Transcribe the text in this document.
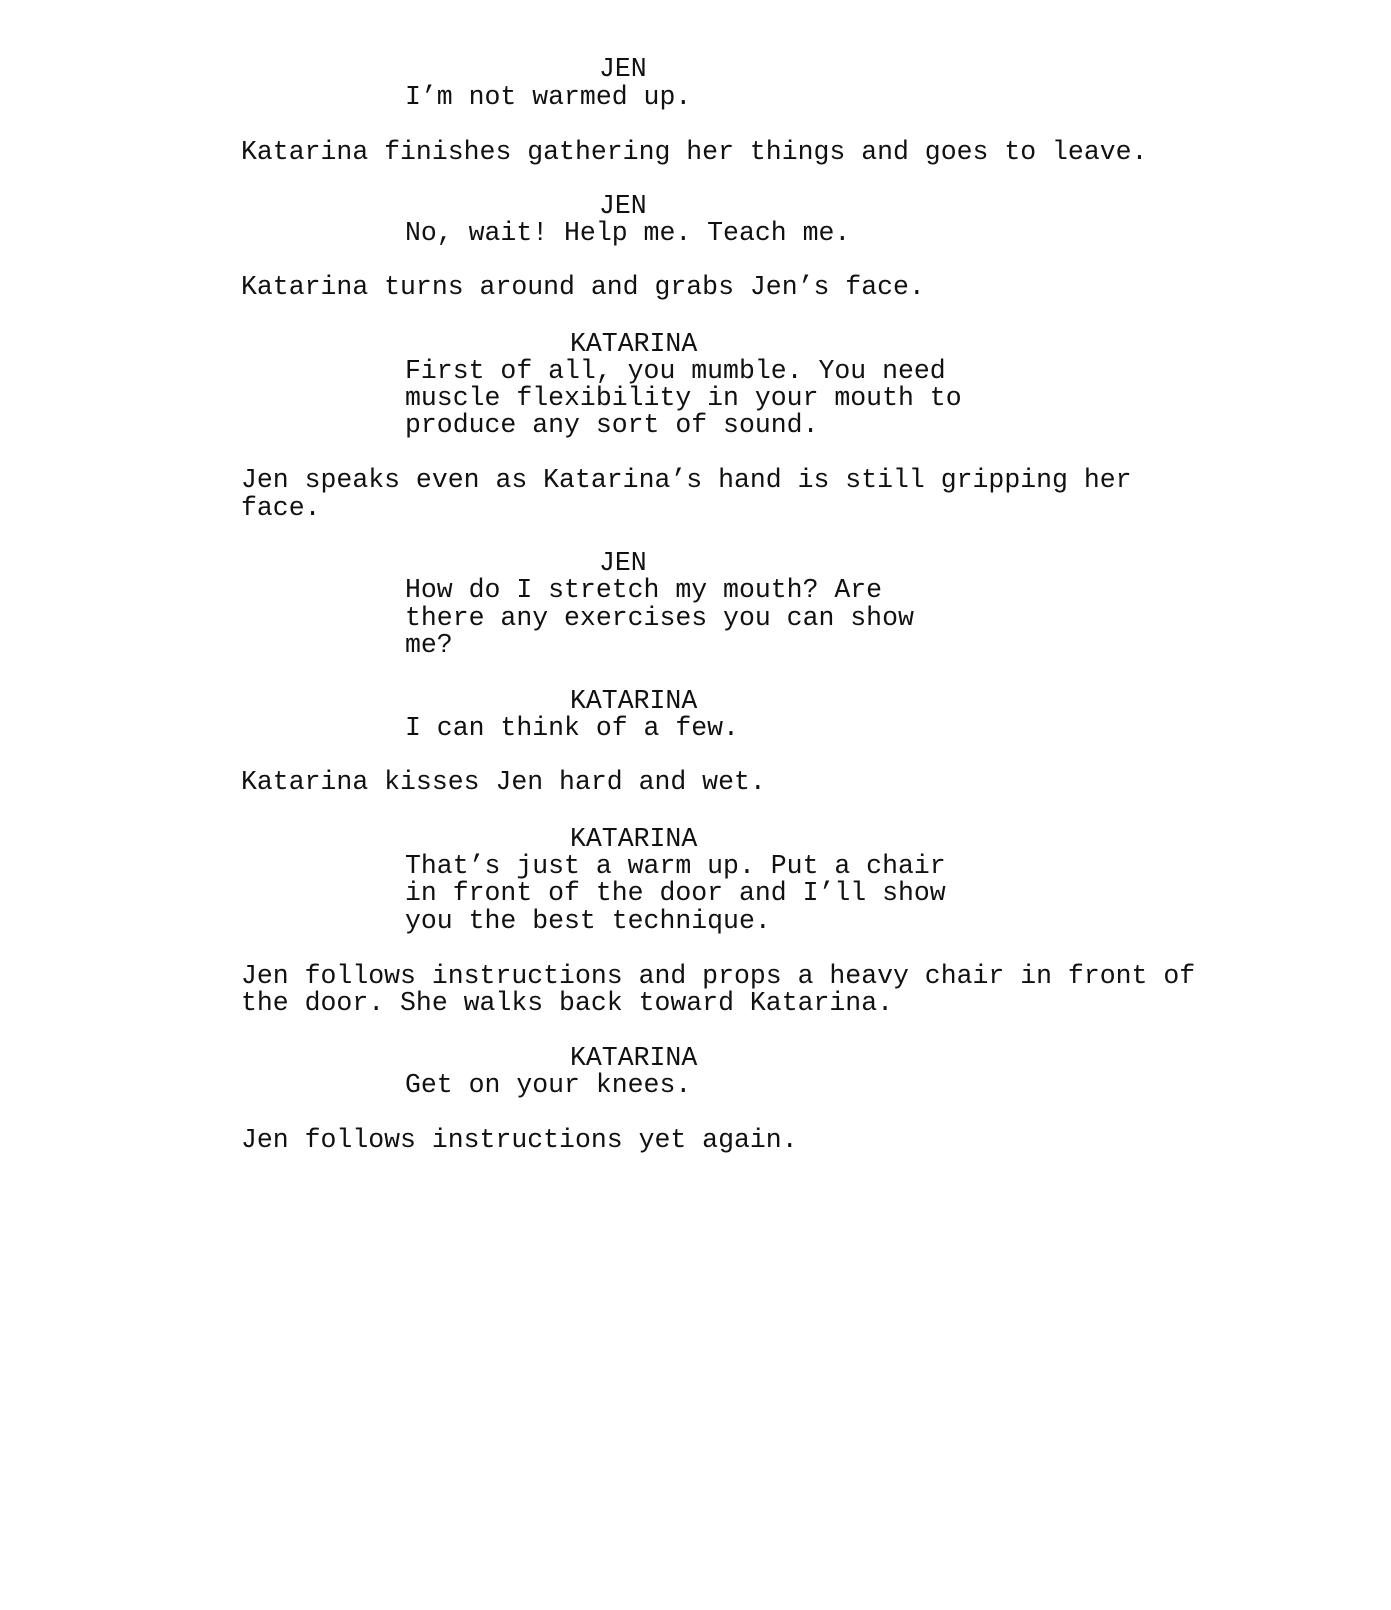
JEN
I’m not warmed up.
Katarina finishes gathering her things and goes to leave.
JEN
No, wait! Help me. Teach me.
Katarina turns around and grabs Jen’s face.
KATARINA
First of all, you mumble. You need
muscle flexibility in your mouth to
produce any sort of sound.
Jen speaks even as Katarina’s hand is still gripping her
face.
JEN
How do I stretch my mouth? Are
there any exercises you can show
me?
KATARINA
I can think of a few.
Katarina kisses Jen hard and wet.
KATARINA
That’s just a warm up. Put a chair
in front of the door and I’ll show
you the best technique.
Jen follows instructions and props a heavy chair in front of
the door. She walks back toward Katarina.
KATARINA
Get on your knees.
Jen follows instructions yet again.
